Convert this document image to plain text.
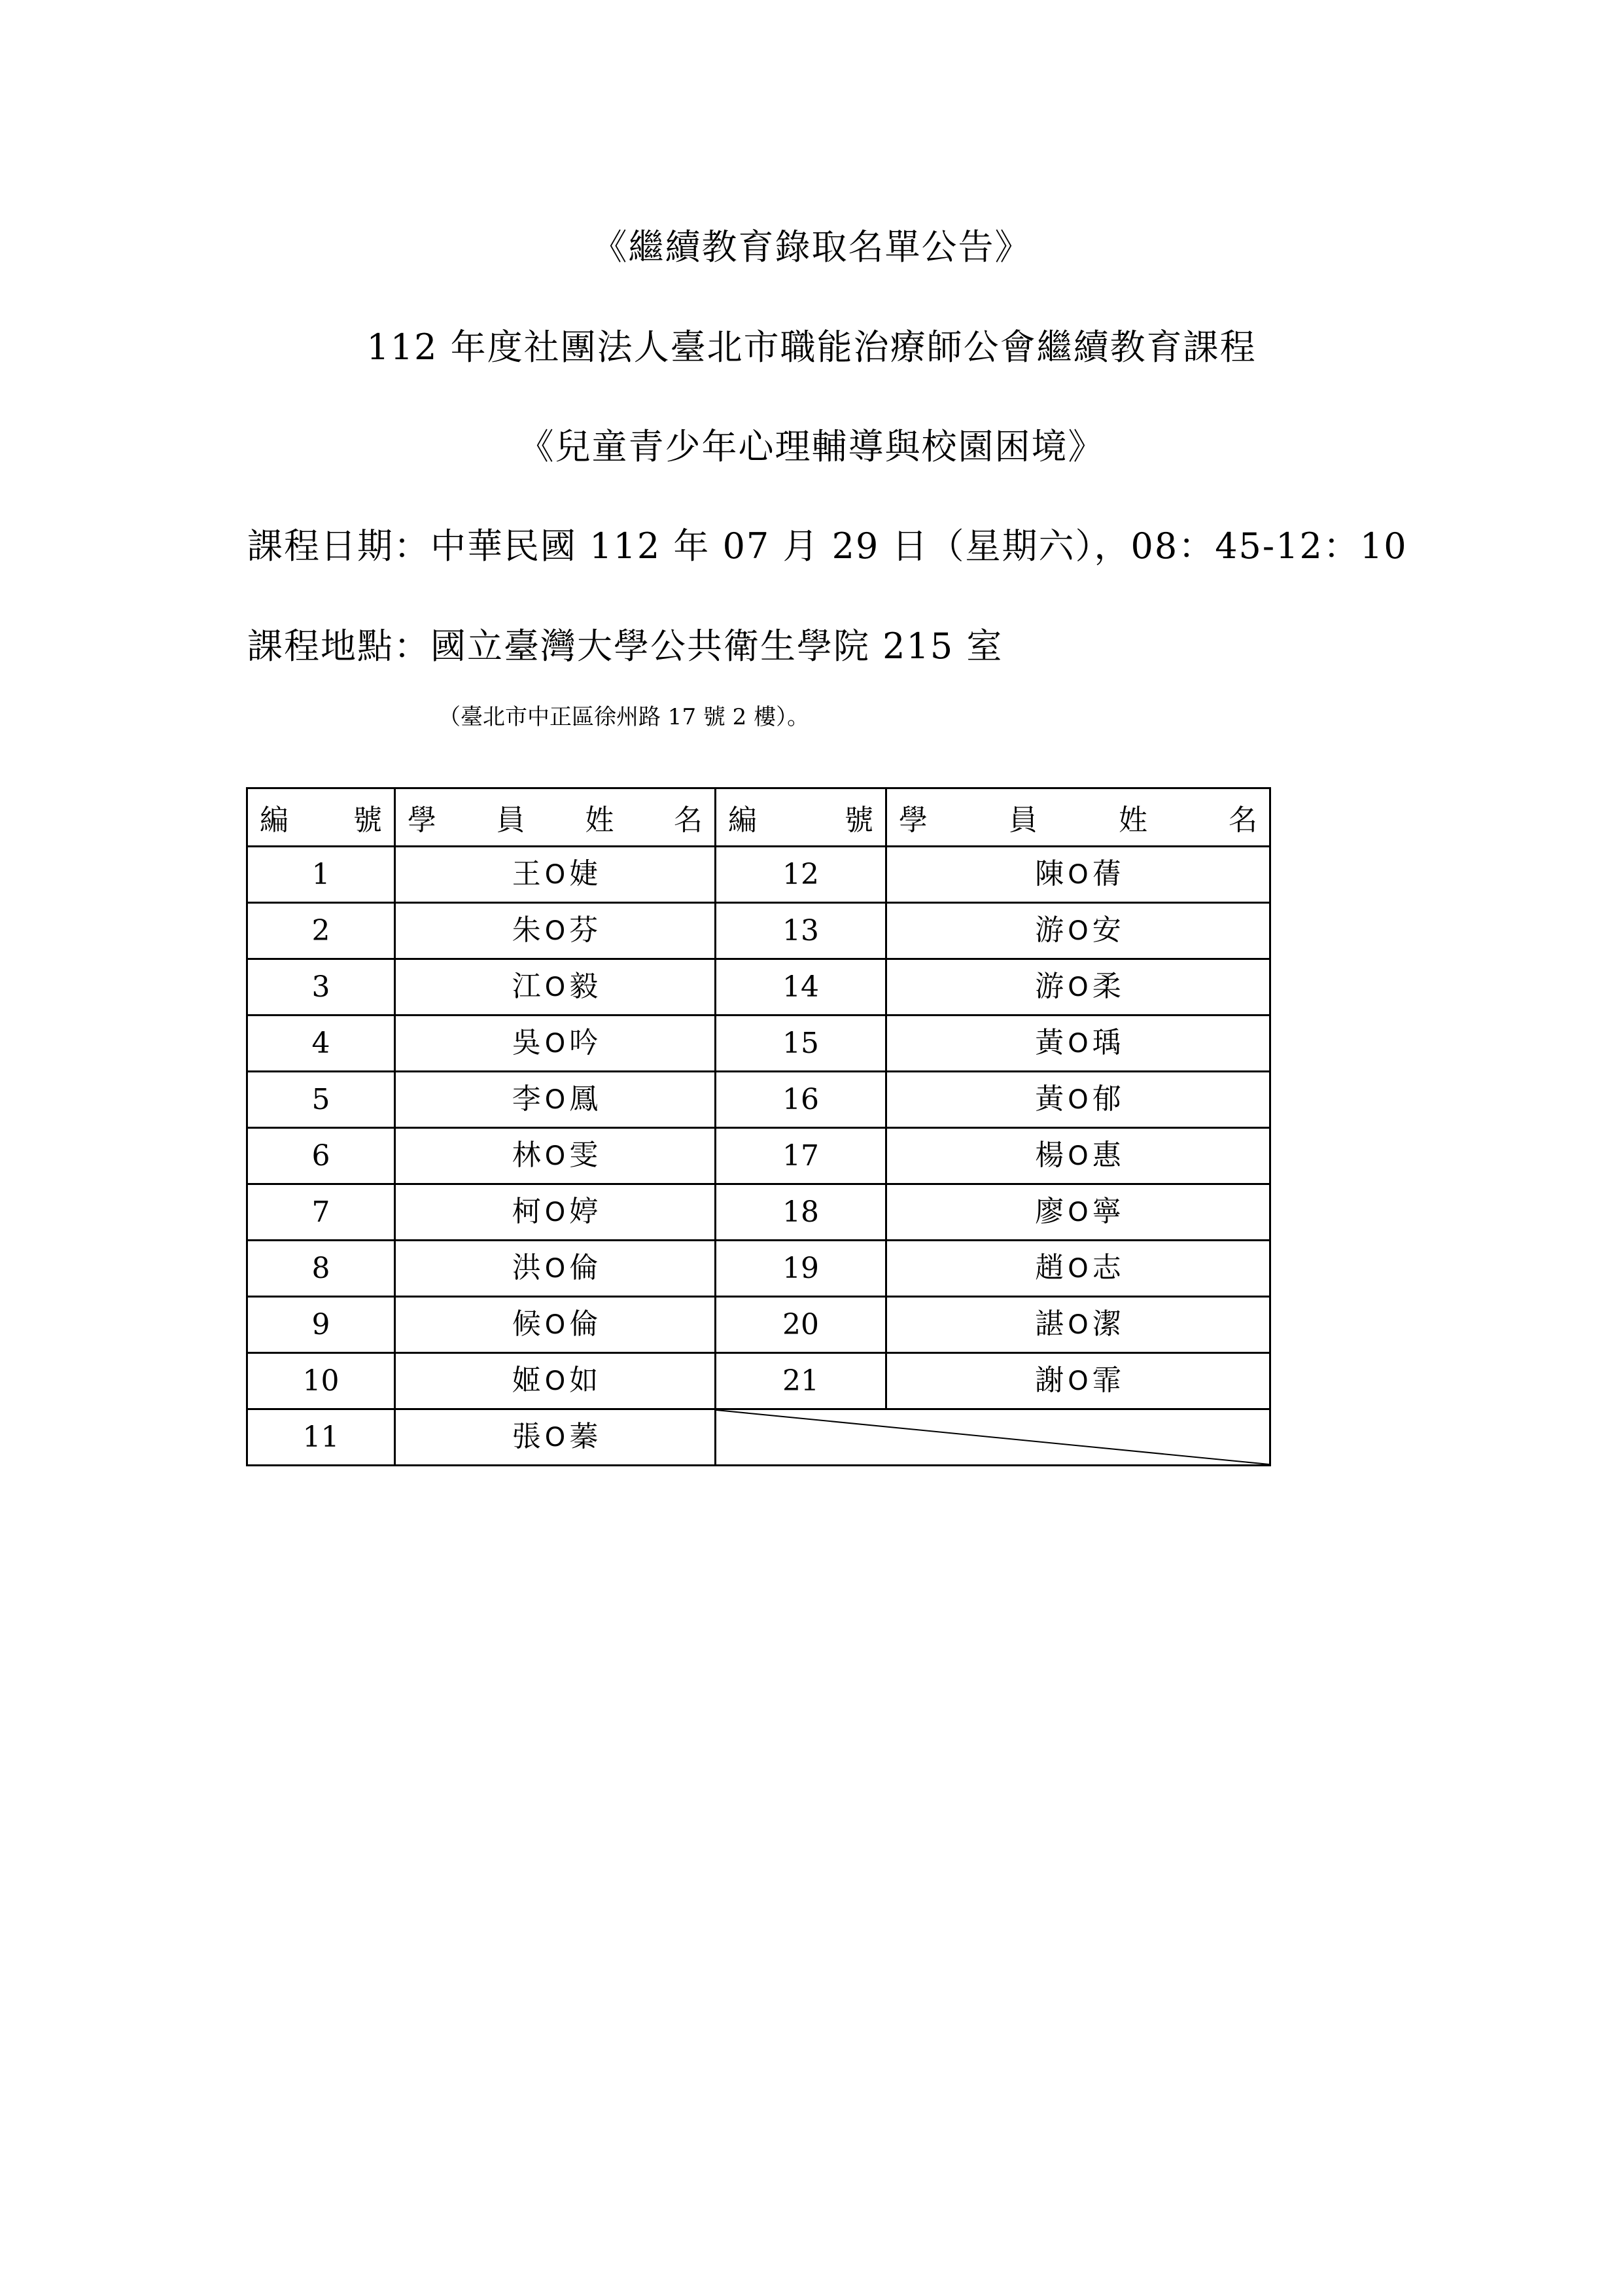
《繼續教育錄取名單公告》
112 年度社團法人臺北市職能治療師公會繼續教育課程
《兒童青少年心理輔導與校園困境》
課程日期：中華民國 112 年 07 月 29 日（星期六），08：45-12：10
課程地點：國立臺灣大學公共衛生學院 215 室
（臺北市中正區徐州路 17 號 2 樓）。
編 號	學 員 姓 名	編 號	學 員 姓 名

1	王 O 婕	12	陳 O 蒨
2	朱 O 芬	13	游 O 安
3	江 O 毅	14	游 O 柔
4	吳 O 吟	15	黃 O 瑀
5	李 O 鳳	16	黃 O 郁
6	林 O 雯	17	楊 O 惠
7	柯 O 婷	18	廖 O 寧
8	洪 O 倫	19	趙 O 志
9	候 O 倫	20	諶 O 潔
10	姬 O 如	21	謝 O 霏
11	張 O 蓁	
